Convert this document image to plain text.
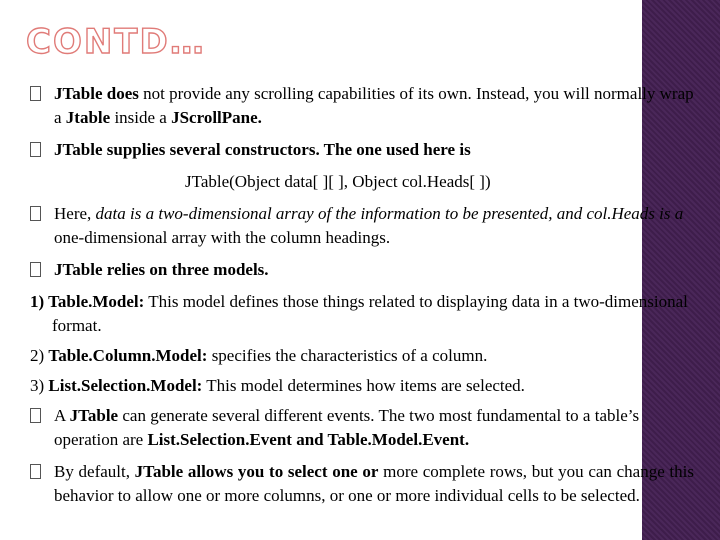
CONTD…
JTable does not provide any scrolling capabilities of its own. Instead, you will normally wrap a Jtable inside a JScrollPane.
JTable supplies several constructors. The one used here is
JTable(Object data[ ][ ], Object col.Heads[ ])
Here, data is a two-dimensional array of the information to be presented, and col.Heads is a one-dimensional array with the column headings.
JTable relies on three models.
1) Table.Model: This model defines those things related to displaying data in a two-dimensional format.
2) Table.Column.Model: specifies the characteristics of a column.
3) List.Selection.Model: This model determines how items are selected.
A JTable can generate several different events. The two most fundamental to a table’s operation are List.Selection.Event and Table.Model.Event.
By default, JTable allows you to select one or more complete rows, but you can change this behavior to allow one or more columns, or one or more individual cells to be selected.
